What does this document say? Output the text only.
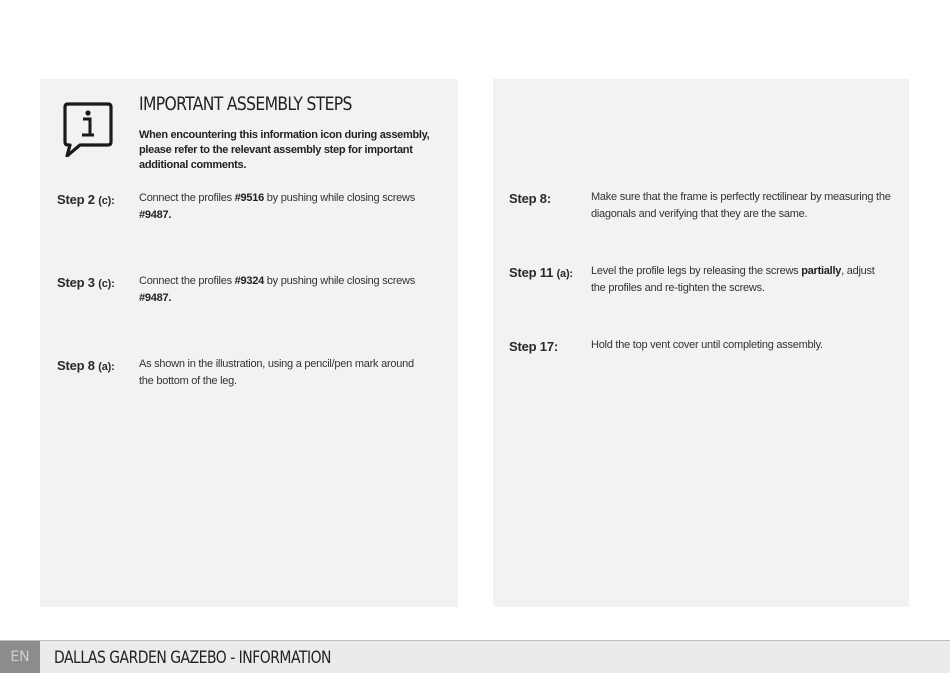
IMPORTANT ASSEMBLY STEPS
When encountering this information icon during assembly, please refer to the relevant assembly step for important additional comments.
Step 2 (c): Connect the profiles #9516 by pushing while closing screws
#9487.
Step 3 (c): Connect the profiles #9324 by pushing while closing screws
#9487.
Step 8 (a): As shown in the illustration, using a pencil/pen mark around the bottom of the leg.
Step 8:	Make sure that the frame is perfectly rectilinear by measuring the diagonals and verifying that they are the same.
Step 11 (a): Level the profile legs by releasing the screws partially, adjust the profiles and re-tighten the screws.
Step 17:	Hold the top vent cover until completing assembly.
EN	DALLAS GARDEN GAZEBO - INFORMATION
